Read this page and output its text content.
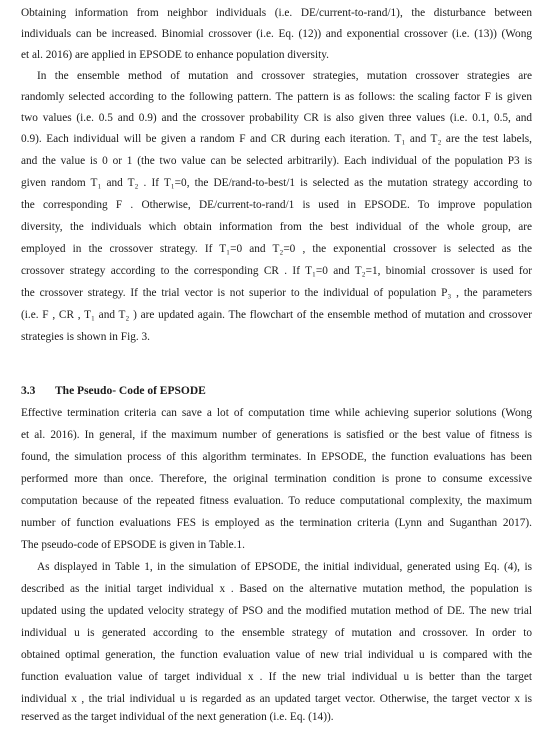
Obtaining information from neighbor individuals (i.e. DE/current-to-rand/1), the disturbance between
individuals can be increased. Binomial crossover (i.e. Eq. (12)) and exponential crossover (i.e. (13)) (Wong
et al. 2016) are applied in EPSODE to enhance population diversity.
In the ensemble method of mutation and crossover strategies, mutation crossover strategies are
randomly selected according to the following pattern. The pattern is as follows: the scaling factor F is given
two values (i.e. 0.5 and 0.9) and the crossover probability CR is also given three values (i.e. 0.1, 0.5, and
0.9). Each individual will be given a random F and CR during each iteration. T₁ and T₂ are the test labels,
and the value is 0 or 1 (the two value can be selected arbitrarily). Each individual of the population P3 is
given random T₁ and T₂ . If T₁=0, the DE/rand-to-best/1 is selected as the mutation strategy according to
the corresponding F . Otherwise, DE/current-to-rand/1 is used in EPSODE. To improve population
diversity, the individuals which obtain information from the best individual of the whole group, are
employed in the crossover strategy. If T₁=0 and T₂=0 , the exponential crossover is selected as the
crossover strategy according to the corresponding CR . If T₁=0 and T₂=1, binomial crossover is used for
the crossover strategy. If the trial vector is not superior to the individual of population P₃ , the parameters
(i.e. F , CR , T₁ and T₂ ) are updated again. The flowchart of the ensemble method of mutation and crossover
strategies is shown in Fig. 3.
3.3 The Pseudo- Code of EPSODE
Effective termination criteria can save a lot of computation time while achieving superior solutions (Wong
et al. 2016). In general, if the maximum number of generations is satisfied or the best value of fitness is
found, the simulation process of this algorithm terminates. In EPSODE, the function evaluations has been
performed more than once. Therefore, the original termination condition is prone to consume excessive
computation because of the repeated fitness evaluation. To reduce computational complexity, the maximum
number of function evaluations FES is employed as the termination criteria (Lynn and Suganthan 2017).
The pseudo-code of EPSODE is given in Table.1.
As displayed in Table 1, in the simulation of EPSODE, the initial individual, generated using Eq. (4), is
described as the initial target individual x . Based on the alternative mutation method, the population is
updated using the updated velocity strategy of PSO and the modified mutation method of DE. The new trial
individual u is generated according to the ensemble strategy of mutation and crossover. In order to
obtained optimal generation, the function evaluation value of new trial individual u is compared with the
function evaluation value of target individual x . If the new trial individual u is better than the target
individual x , the trial individual u is regarded as an updated target vector. Otherwise, the target vector x is
reserved as the target individual of the next generation (i.e. Eq. (14)).
